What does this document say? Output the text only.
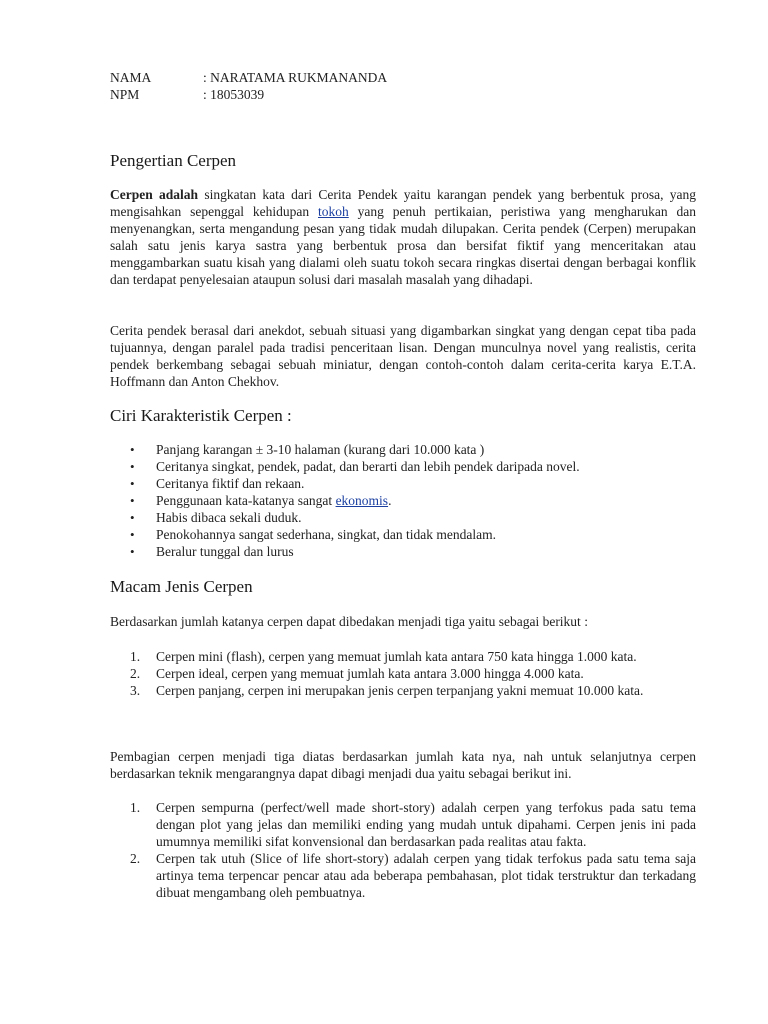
NAMA	: NARATAMA RUKMANANDA
NPM	: 18053039
Pengertian Cerpen

Cerpen adalah singkatan kata dari Cerita Pendek yaitu karangan pendek yang berbentuk prosa, yang mengisahkan sepenggal kehidupan tokoh yang penuh pertikaian, peristiwa yang mengharukan dan menyenangkan, serta mengandung pesan yang tidak mudah dilupakan. Cerita pendek (Cerpen) merupakan salah satu jenis karya sastra yang berbentuk prosa dan bersifat fiktif yang menceritakan atau menggambarkan suatu kisah yang dialami oleh suatu tokoh secara ringkas disertai dengan berbagai konflik dan terdapat penyelesaian ataupun solusi dari masalah masalah yang dihadapi.

Cerita pendek berasal dari anekdot, sebuah situasi yang digambarkan singkat yang dengan cepat tiba pada tujuannya, dengan paralel pada tradisi penceritaan lisan. Dengan munculnya novel yang realistis, cerita pendek berkembang sebagai sebuah miniatur, dengan contoh-contoh dalam cerita-cerita karya E.T.A. Hoffmann dan Anton Chekhov.

Ciri Karakteristik Cerpen :
• Panjang karangan ± 3-10 halaman (kurang dari 10.000 kata )
• Ceritanya singkat, pendek, padat, dan berarti dan lebih pendek daripada novel.
• Ceritanya fiktif dan rekaan.
• Penggunaan kata-katanya sangat ekonomis.
• Habis dibaca sekali duduk.
• Penokohannya sangat sederhana, singkat, dan tidak mendalam.
• Beralur tunggal dan lurus
Macam Jenis Cerpen

Berdasarkan jumlah katanya cerpen dapat dibedakan menjadi tiga yaitu sebagai berikut :

1. Cerpen mini (flash), cerpen yang memuat jumlah kata antara 750 kata hingga 1.000 kata.
2. Cerpen ideal, cerpen yang memuat jumlah kata antara 3.000 hingga 4.000 kata.
3. Cerpen panjang, cerpen ini merupakan jenis cerpen terpanjang yakni memuat 10.000 kata.

Pembagian cerpen menjadi tiga diatas berdasarkan jumlah kata nya, nah untuk selanjutnya cerpen berdasarkan teknik mengarangnya dapat dibagi menjadi dua yaitu sebagai berikut ini.

1. Cerpen sempurna (perfect/well made short-story) adalah cerpen yang terfokus pada satu tema dengan plot yang jelas dan memiliki ending yang mudah untuk dipahami. Cerpen jenis ini pada umumnya memiliki sifat konvensional dan berdasarkan pada realitas atau fakta.
2. Cerpen tak utuh (Slice of life short-story) adalah cerpen yang tidak terfokus pada satu tema saja artinya tema terpencar pencar atau ada beberapa pembahasan, plot tidak terstruktur dan terkadang dibuat mengambang oleh pembuatnya.
